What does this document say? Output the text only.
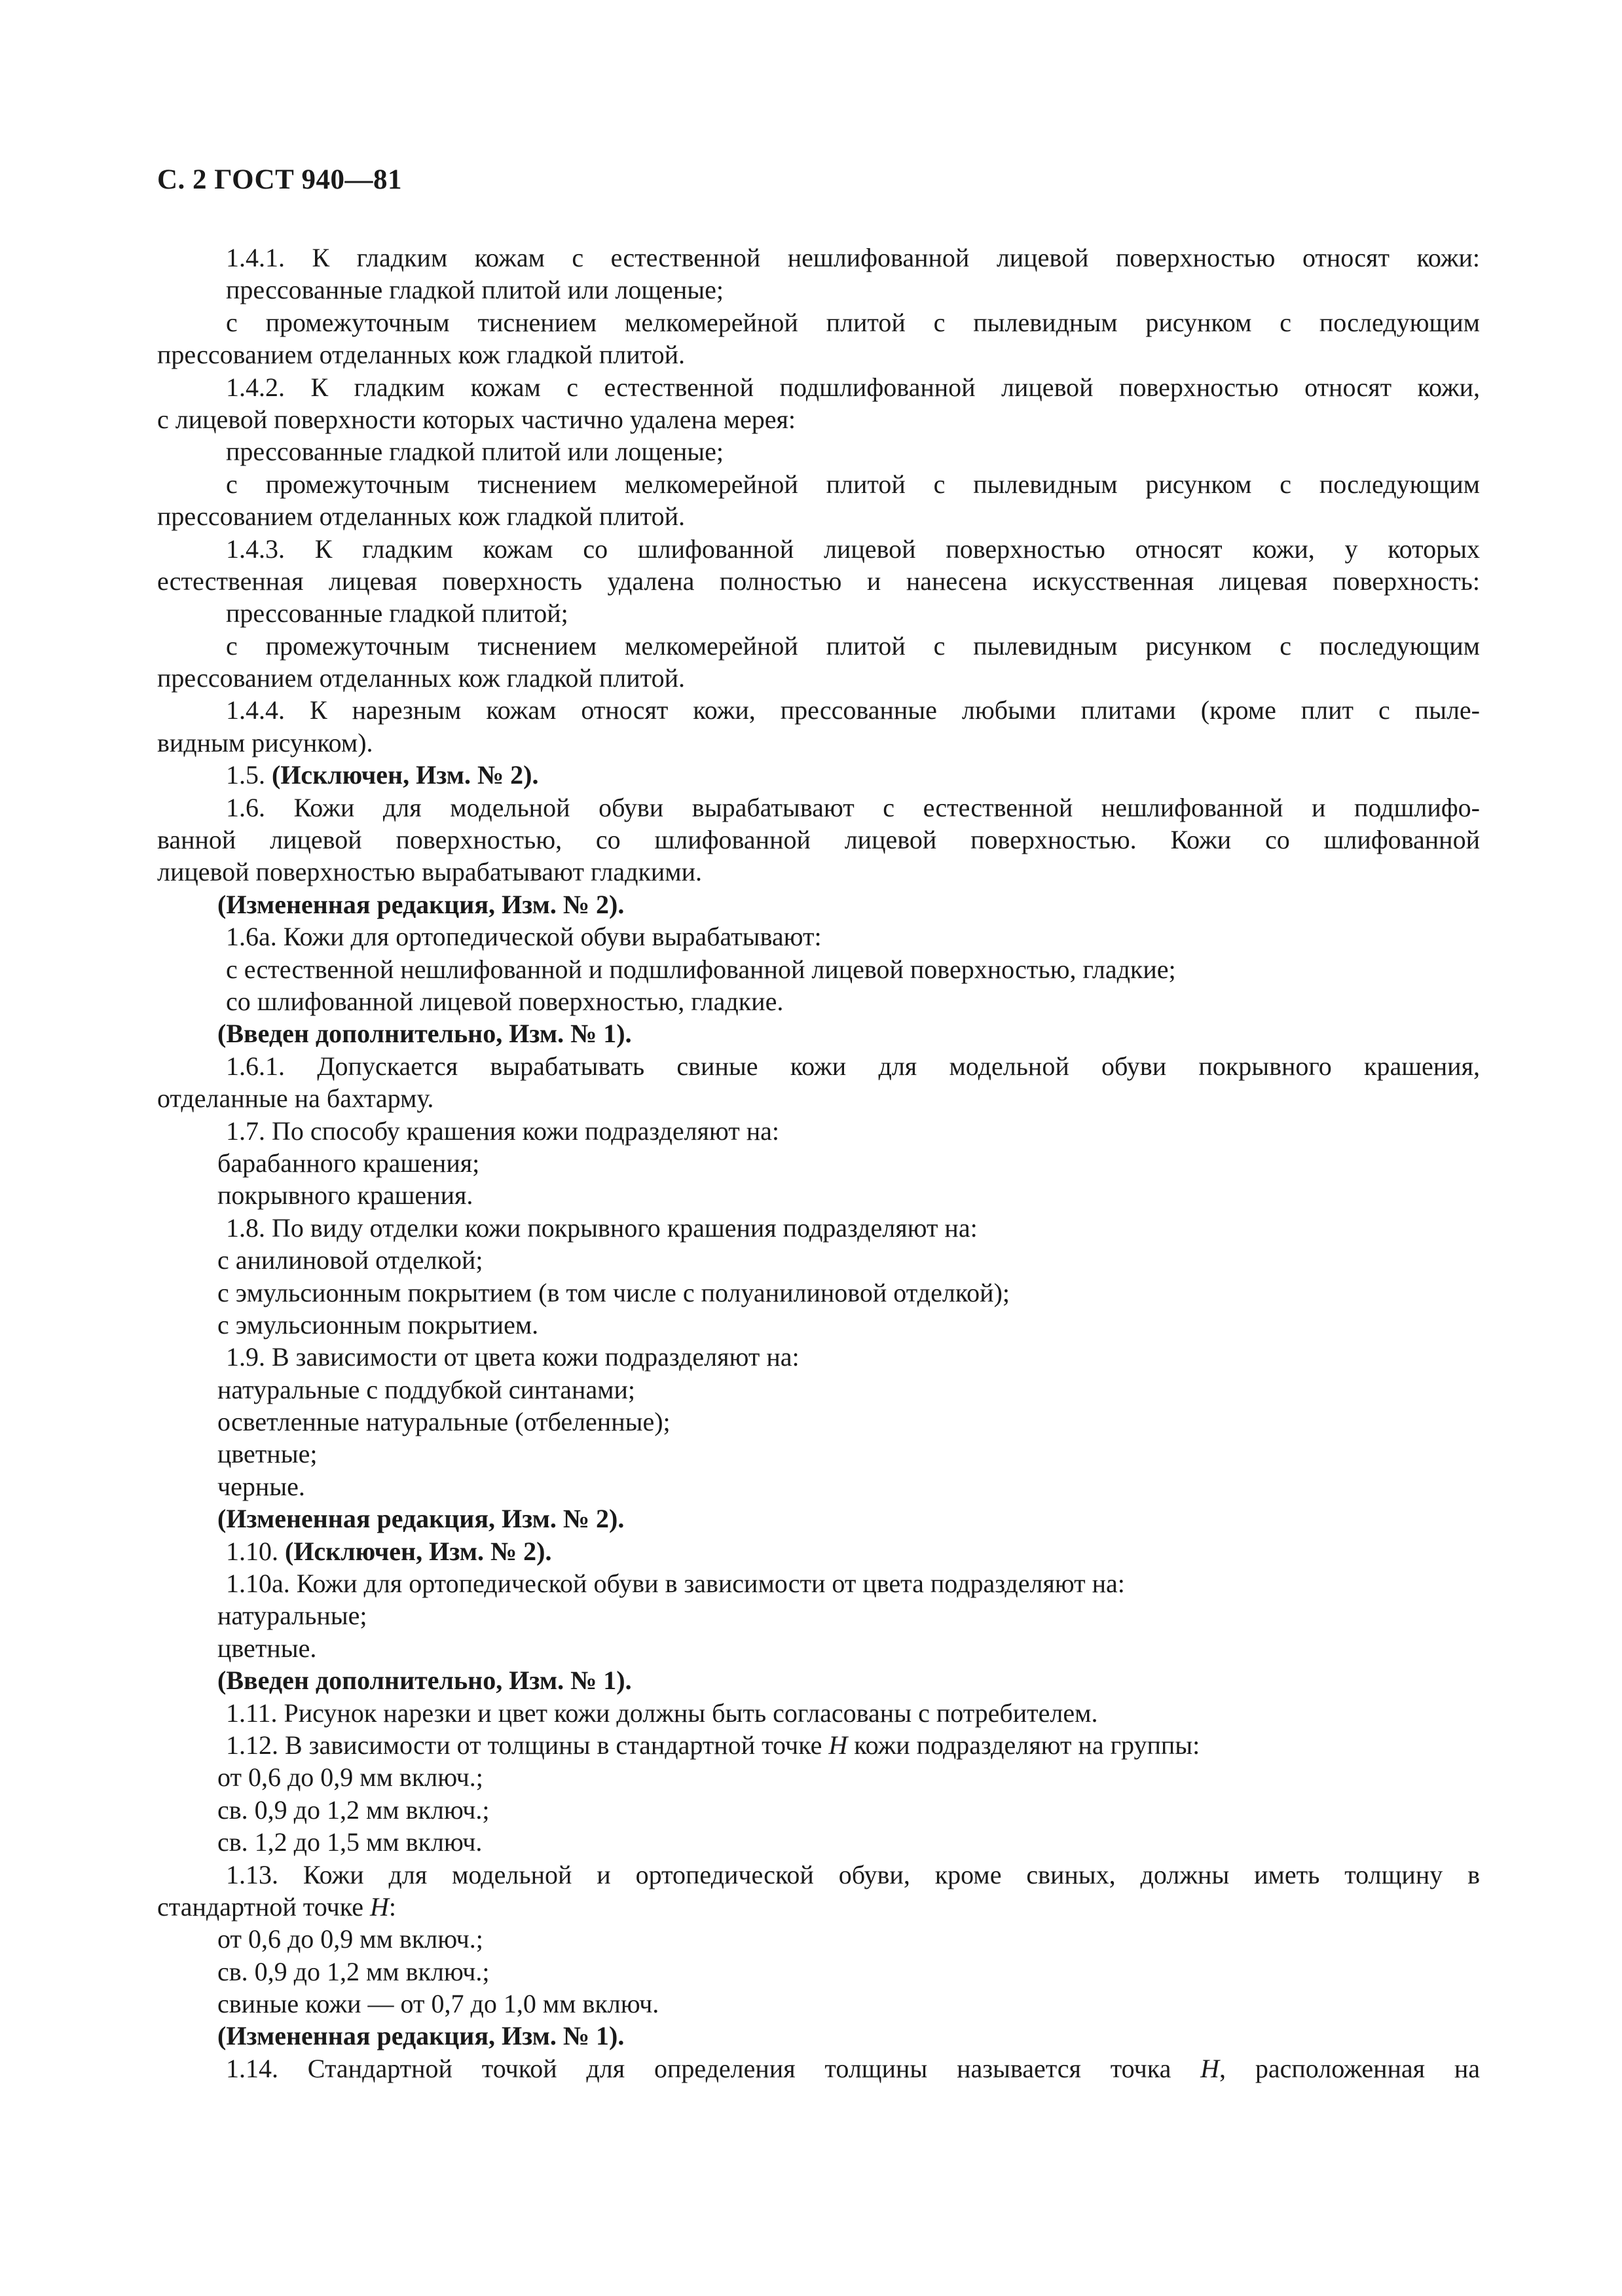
С. 2 ГОСТ 940—81
1.4.1. К гладким кожам с естественной нешлифованной лицевой поверхностью относят кожи:
прессованные гладкой плитой или лощеные;
с промежуточным тиснением мелкомерейной плитой с пылевидным рисунком с последующим
прессованием отделанных кож гладкой плитой.
1.4.2. К гладким кожам с естественной подшлифованной лицевой поверхностью относят кожи,
с лицевой поверхности которых частично удалена мерея:
прессованные гладкой плитой или лощеные;
с промежуточным тиснением мелкомерейной плитой с пылевидным рисунком с последующим
прессованием отделанных кож гладкой плитой.
1.4.3. К гладким кожам со шлифованной лицевой поверхностью относят кожи, у которых
естественная лицевая поверхность удалена полностью и нанесена искусственная лицевая поверхность:
прессованные гладкой плитой;
с промежуточным тиснением мелкомерейной плитой с пылевидным рисунком с последующим
прессованием отделанных кож гладкой плитой.
1.4.4. К нарезным кожам относят кожи, прессованные любыми плитами (кроме плит с пыле-
видным рисунком).
1.5. (Исключен, Изм. № 2).
1.6. Кожи для модельной обуви вырабатывают с естественной нешлифованной и подшлифо-
ванной лицевой поверхностью, со шлифованной лицевой поверхностью. Кожи со шлифованной
лицевой поверхностью вырабатывают гладкими.
(Измененная редакция, Изм. № 2).
1.6а. Кожи для ортопедической обуви вырабатывают:
с естественной нешлифованной и подшлифованной лицевой поверхностью, гладкие;
со шлифованной лицевой поверхностью, гладкие.
(Введен дополнительно, Изм. № 1).
1.6.1. Допускается вырабатывать свиные кожи для модельной обуви покрывного крашения,
отделанные на бахтарму.
1.7. По способу крашения кожи подразделяют на:
барабанного крашения;
покрывного крашения.
1.8. По виду отделки кожи покрывного крашения подразделяют на:
с анилиновой отделкой;
с эмульсионным покрытием (в том числе с полуанилиновой отделкой);
с эмульсионным покрытием.
1.9. В зависимости от цвета кожи подразделяют на:
натуральные с поддубкой синтанами;
осветленные натуральные (отбеленные);
цветные;
черные.
(Измененная редакция, Изм. № 2).
1.10. (Исключен, Изм. № 2).
1.10а. Кожи для ортопедической обуви в зависимости от цвета подразделяют на:
натуральные;
цветные.
(Введен дополнительно, Изм. № 1).
1.11. Рисунок нарезки и цвет кожи должны быть согласованы с потребителем.
1.12. В зависимости от толщины в стандартной точке Н кожи подразделяют на группы:
от 0,6 до 0,9 мм включ.;
св. 0,9 до 1,2 мм включ.;
св. 1,2 до 1,5 мм включ.
1.13. Кожи для модельной и ортопедической обуви, кроме свиных, должны иметь толщину в
стандартной точке Н:
от 0,6 до 0,9 мм включ.;
св. 0,9 до 1,2 мм включ.;
свиные кожи — от 0,7 до 1,0 мм включ.
(Измененная редакция, Изм. № 1).
1.14. Стандартной точкой для определения толщины называется точка Н, расположенная на
